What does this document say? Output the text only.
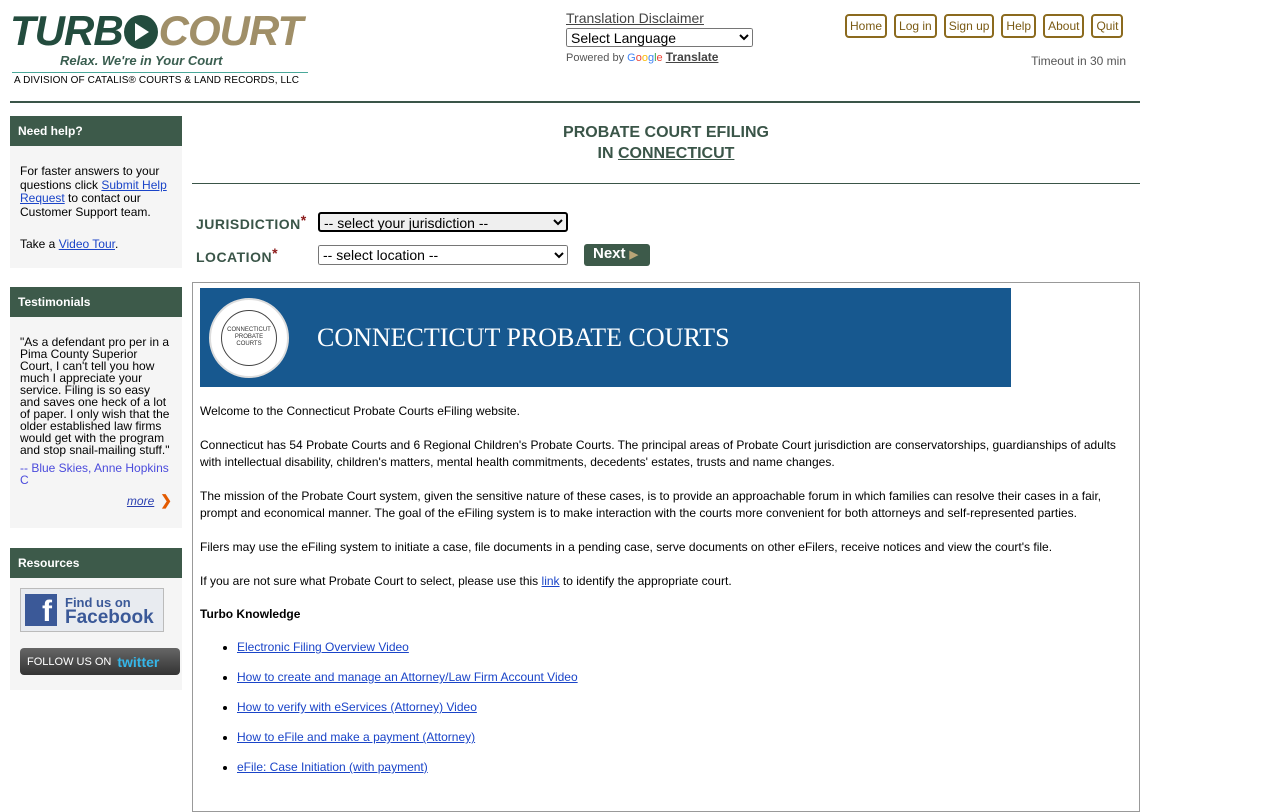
TURB COURT
Relax. We're in Your Court
A DIVISION OF CATALIS® COURTS & LAND RECORDS, LLC
Translation Disclaimer
Select Language
Powered by Google Translate
Home	Log in	Sign up	Help	About	Quit
Timeout in 30 min
Need help?
For faster answers to your questions click Submit Help Request to contact our Customer Support team.
Take a Video Tour.
Testimonials
"As a defendant pro per in a Pima County Superior Court, I can't tell you how much I appreciate your service. Filing is so easy and saves one heck of a lot of paper. I only wish that the older established law firms would get with the program and stop snail-mailing stuff."
-- Blue Skies, Anne Hopkins C
more ❯
Resources
f	Find us on
Facebook
FOLLOW US ON twitter
PROBATE COURT EFILING
IN CONNECTICUT
JURISDICTION*
-- select your jurisdiction --
LOCATION*
-- select location --	Next ▶
CONNECTICUT PROBATE COURTS	CONNECTICUT PROBATE COURTS

Welcome to the Connecticut Probate Courts eFiling website.

Connecticut has 54 Probate Courts and 6 Regional Children's Probate Courts. The principal areas of Probate Court jurisdiction are conservatorships, guardianships of adults with intellectual disability, children's matters, mental health commitments, decedents' estates, trusts and name changes.

The mission of the Probate Court system, given the sensitive nature of these cases, is to provide an approachable forum in which families can resolve their cases in a fair, prompt and economical manner. The goal of the eFiling system is to make interaction with the courts more convenient for both attorneys and self-represented parties.

Filers may use the eFiling system to initiate a case, file documents in a pending case, serve documents on other eFilers, receive notices and view the court's file.

If you are not sure what Probate Court to select, please use this link to identify the appropriate court.

Turbo Knowledge

• Electronic Filing Overview Video
• How to create and manage an Attorney/Law Firm Account Video
• How to verify with eServices (Attorney) Video
• How to eFile and make a payment (Attorney)
• eFile: Case Initiation (with payment)
